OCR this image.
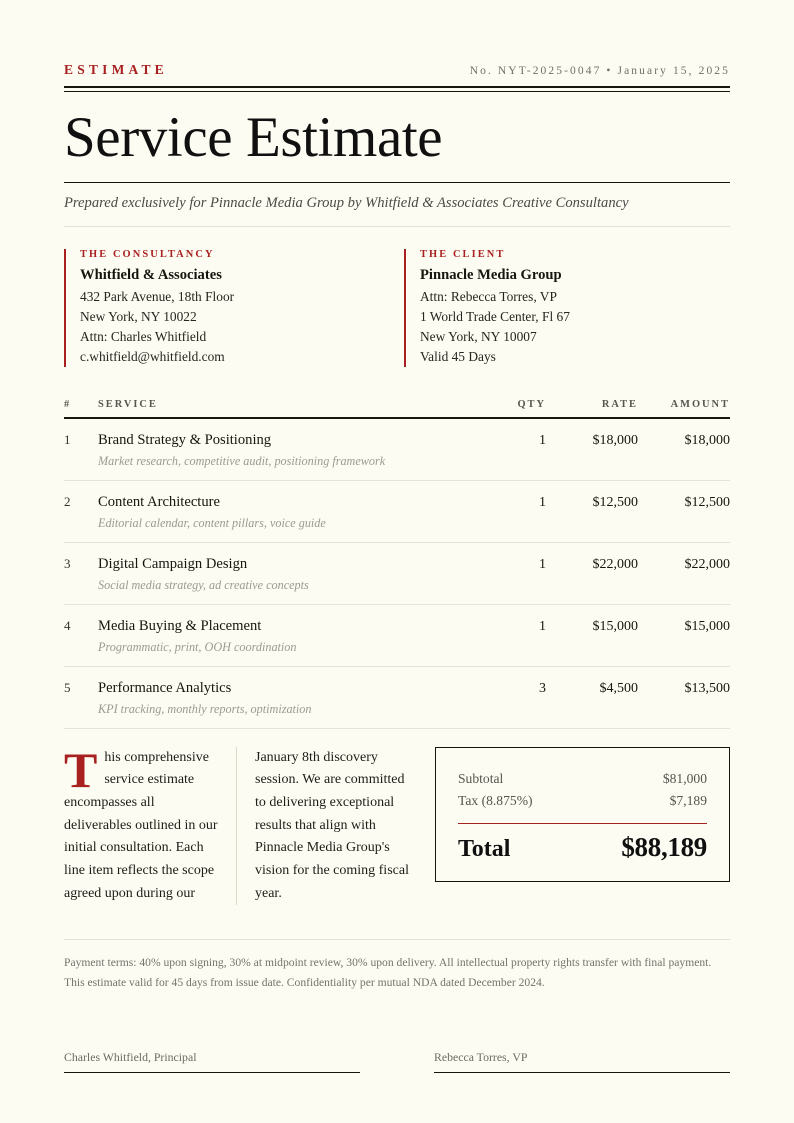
ESTIMATE	No. NYT-2025-0047 • January 15, 2025
Service Estimate
Prepared exclusively for Pinnacle Media Group by Whitfield & Associates Creative Consultancy
THE CONSULTANCY
Whitfield & Associates
432 Park Avenue, 18th Floor
New York, NY 10022
Attn: Charles Whitfield
c.whitfield@whitfield.com
THE CLIENT
Pinnacle Media Group
Attn: Rebecca Torres, VP
1 World Trade Center, Fl 67
New York, NY 10007
Valid 45 Days
#	SERVICE	QTY	RATE	AMOUNT
1	Brand Strategy & Positioning	1	$18,000	$18,000
Market research, competitive audit, positioning framework
2	Content Architecture	1	$12,500	$12,500
Editorial calendar, content pillars, voice guide
3	Digital Campaign Design	1	$22,000	$22,000
Social media strategy, ad creative concepts
4	Media Buying & Placement	1	$15,000	$15,000
Programmatic, print, OOH coordination
5	Performance Analytics	3	$4,500	$13,500
KPI tracking, monthly reports, optimization
This comprehensive service estimate encompasses all deliverables outlined in our initial consultation. Each line item reflects the scope agreed upon during our
January 8th discovery session. We are committed to delivering exceptional results that align with Pinnacle Media Group's vision for the coming fiscal year.
Subtotal	$81,000
Tax (8.875%)	$7,189
Total	$88,189
Payment terms: 40% upon signing, 30% at midpoint review, 30% upon delivery. All intellectual property rights transfer with final payment. This estimate valid for 45 days from issue date. Confidentiality per mutual NDA dated December 2024.
Charles Whitfield, Principal	Rebecca Torres, VP
